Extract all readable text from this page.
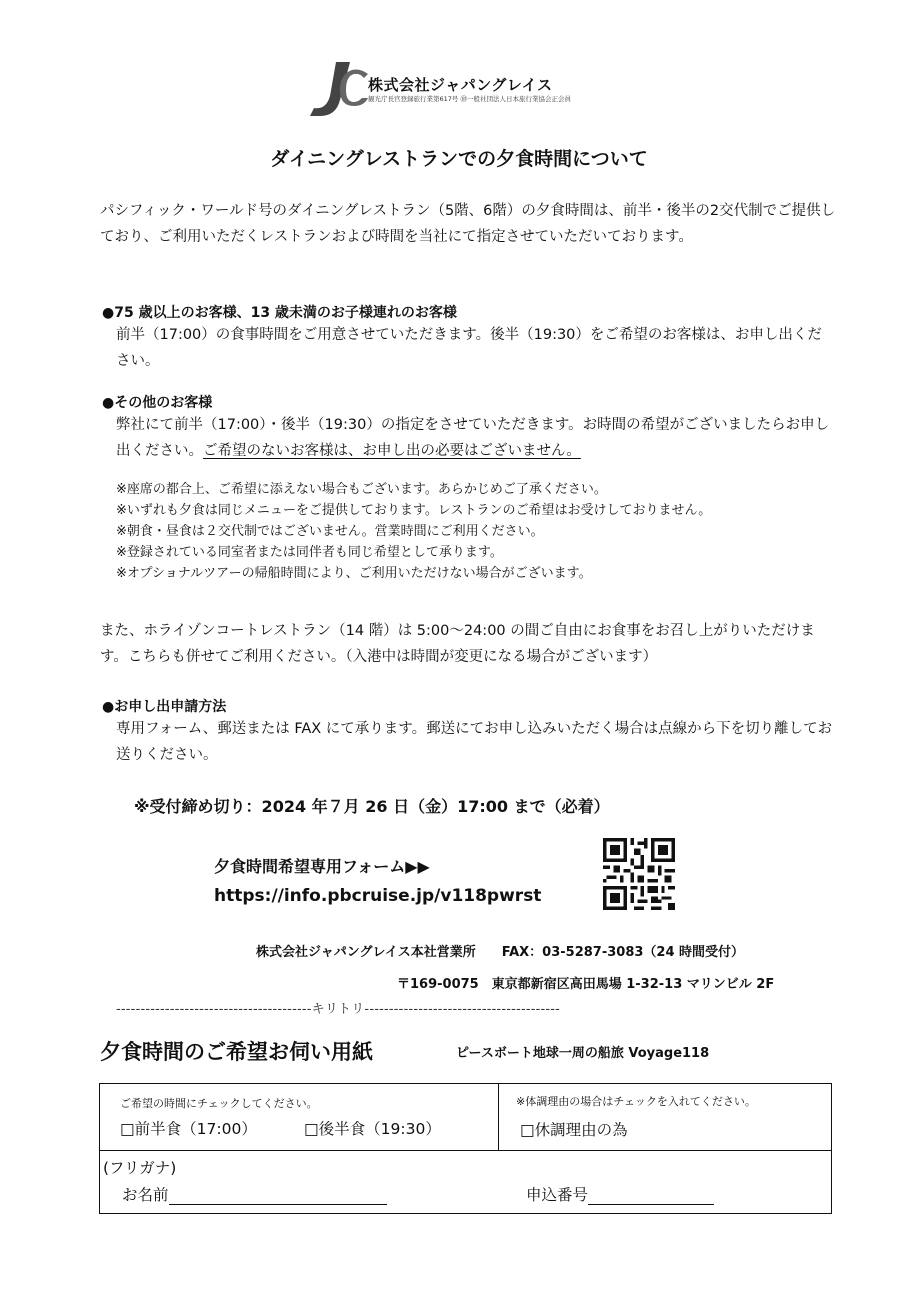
株式会社ジャパングレイス
観光庁長官登録旅行業第617号 ㊞一般社団法人日本旅行業協会正会員
ダイニングレストランでの夕食時間について
パシフィック・ワールド号のダイニングレストラン（5階、6階）の夕食時間は、前半・後半の2交代制でご提供しており、ご利用いただくレストランおよび時間を当社にて指定させていただいております。
●75 歳以上のお客様、13 歳未満のお子様連れのお客様
前半（17:00）の食事時間をご用意させていただきます。後半（19:30）をご希望のお客様は、お申し出ください。
●その他のお客様
弊社にて前半（17:00）・後半（19:30）の指定をさせていただきます。お時間の希望がございましたらお申し出ください。ご希望のないお客様は、お申し出の必要はございません。
※座席の都合上、ご希望に添えない場合もございます。あらかじめご了承ください。
※いずれも夕食は同じメニューをご提供しております。レストランのご希望はお受けしておりません。
※朝食・昼食は２交代制ではございません。営業時間にご利用ください。
※登録されている同室者または同伴者も同じ希望として承ります。
※オプショナルツアーの帰船時間により、ご利用いただけない場合がございます。
また、ホライゾンコートレストラン（14 階）は 5:00～24:00 の間ご自由にお食事をお召し上がりいただけます。こちらも併せてご利用ください。（入港中は時間が変更になる場合がございます）
●お申し出申請方法
専用フォーム、郵送または FAX にて承ります。郵送にてお申し込みいただく場合は点線から下を切り離してお送りください。
※受付締め切り：2024 年７月 26 日（金）17:00 まで（必着）
夕食時間希望専用フォーム▶▶
https://info.pbcruise.jp/v118pwrst
株式会社ジャパングレイス本社営業所　　FAX：03-5287-3083（24 時間受付）
〒169-0075　東京都新宿区高田馬場 1-32-13 マリンビル 2F
----------------------------------------キリトリ----------------------------------------
夕食時間のご希望お伺い用紙	ピースボート地球一周の船旅 Voyage118
ご希望の時間にチェックしてください。
□前半食（17:00）	□後半食（19:30）
※体調理由の場合はチェックを入れてください。
□休調理由の為
(フリガナ)
お名前	申込番号
